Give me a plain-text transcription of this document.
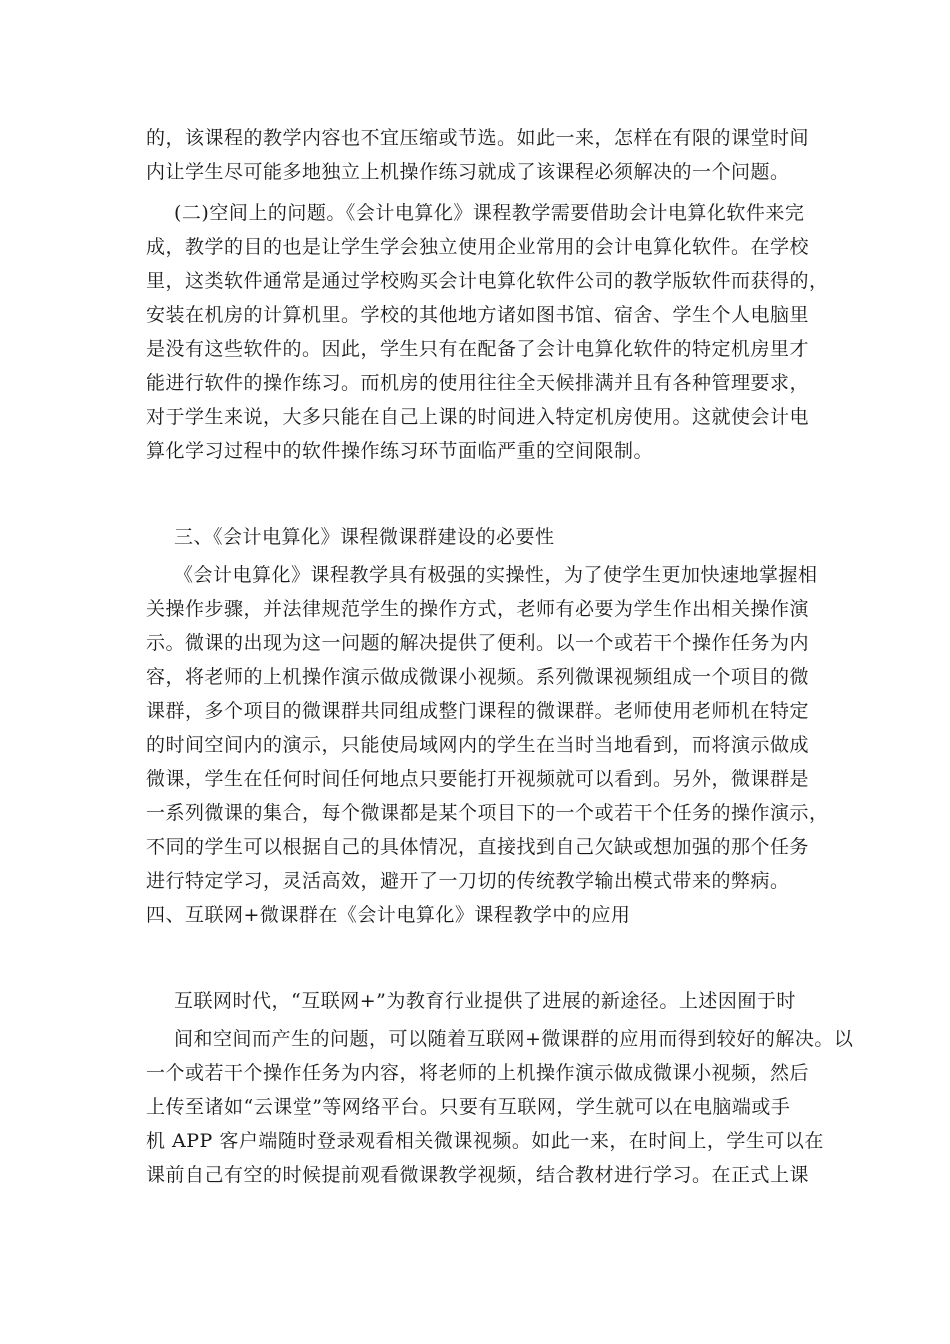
的，该课程的教学内容也不宜压缩或节选。如此一来，怎样在有限的课堂时间
内让学生尽可能多地独立上机操作练习就成了该课程必须解决的一个问题。
(二)空间上的问题。《会计电算化》课程教学需要借助会计电算化软件来完
成，教学的目的也是让学生学会独立使用企业常用的会计电算化软件。在学校
里，这类软件通常是通过学校购买会计电算化软件公司的教学版软件而获得的，
安装在机房的计算机里。学校的其他地方诸如图书馆、宿舍、学生个人电脑里
是没有这些软件的。因此，学生只有在配备了会计电算化软件的特定机房里才
能进行软件的操作练习。而机房的使用往往全天候排满并且有各种管理要求，
对于学生来说，大多只能在自己上课的时间进入特定机房使用。这就使会计电
算化学习过程中的软件操作练习环节面临严重的空间限制。
三、《会计电算化》课程微课群建设的必要性
《会计电算化》课程教学具有极强的实操性，为了使学生更加快速地掌握相
关操作步骤，并法律规范学生的操作方式，老师有必要为学生作出相关操作演
示。微课的出现为这一问题的解决提供了便利。以一个或若干个操作任务为内
容，将老师的上机操作演示做成微课小视频。系列微课视频组成一个项目的微
课群，多个项目的微课群共同组成整门课程的微课群。老师使用老师机在特定
的时间空间内的演示，只能使局域网内的学生在当时当地看到，而将演示做成
微课，学生在任何时间任何地点只要能打开视频就可以看到。另外，微课群是
一系列微课的集合，每个微课都是某个项目下的一个或若干个任务的操作演示，
不同的学生可以根据自己的具体情况，直接找到自己欠缺或想加强的那个任务
进行特定学习，灵活高效，避开了一刀切的传统教学输出模式带来的弊病。
四、互联网+微课群在《会计电算化》课程教学中的应用
互联网时代，“互联网+”为教育行业提供了进展的新途径。上述因囿于时
间和空间而产生的问题，可以随着互联网+微课群的应用而得到较好的解决。以
一个或若干个操作任务为内容，将老师的上机操作演示做成微课小视频，然后
上传至诸如“云课堂”等网络平台。只要有互联网，学生就可以在电脑端或手
机 APP 客户端随时登录观看相关微课视频。如此一来，在时间上，学生可以在
课前自己有空的时候提前观看微课教学视频，结合教材进行学习。在正式上课
